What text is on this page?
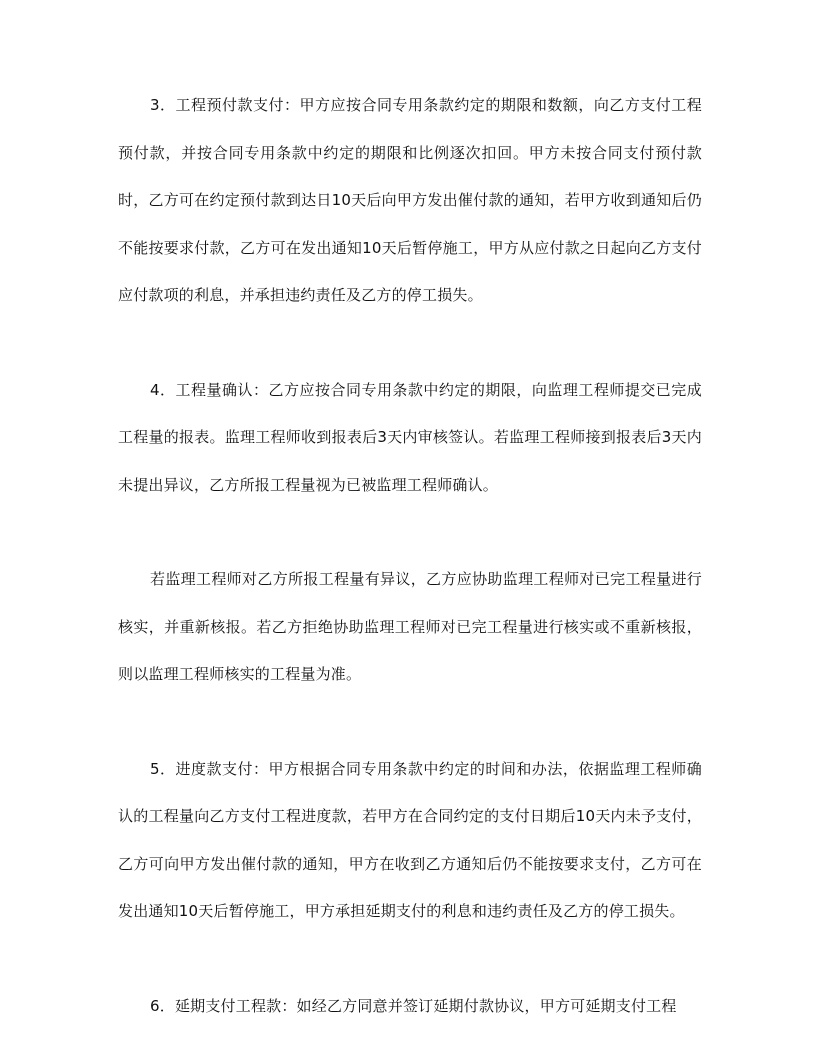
3．工程预付款支付：甲方应按合同专用条款约定的期限和数额，向乙方支付工程预付款，并按合同专用条款中约定的期限和比例逐次扣回。甲方未按合同支付预付款时，乙方可在约定预付款到达日10天后向甲方发出催付款的通知，若甲方收到通知后仍不能按要求付款，乙方可在发出通知10天后暂停施工，甲方从应付款之日起向乙方支付应付款项的利息，并承担违约责任及乙方的停工损失。

4．工程量确认：乙方应按合同专用条款中约定的期限，向监理工程师提交已完成工程量的报表。监理工程师收到报表后3天内审核签认。若监理工程师接到报表后3天内未提出异议，乙方所报工程量视为已被监理工程师确认。

若监理工程师对乙方所报工程量有异议，乙方应协助监理工程师对已完工程量进行核实，并重新核报。若乙方拒绝协助监理工程师对已完工程量进行核实或不重新核报，则以监理工程师核实的工程量为准。

5．进度款支付：甲方根据合同专用条款中约定的时间和办法，依据监理工程师确认的工程量向乙方支付工程进度款，若甲方在合同约定的支付日期后10天内未予支付，乙方可向甲方发出催付款的通知，甲方在收到乙方通知后仍不能按要求支付，乙方可在发出通知10天后暂停施工，甲方承担延期支付的利息和违约责任及乙方的停工损失。

6．延期支付工程款：如经乙方同意并签订延期付款协议，甲方可延期支付工程
